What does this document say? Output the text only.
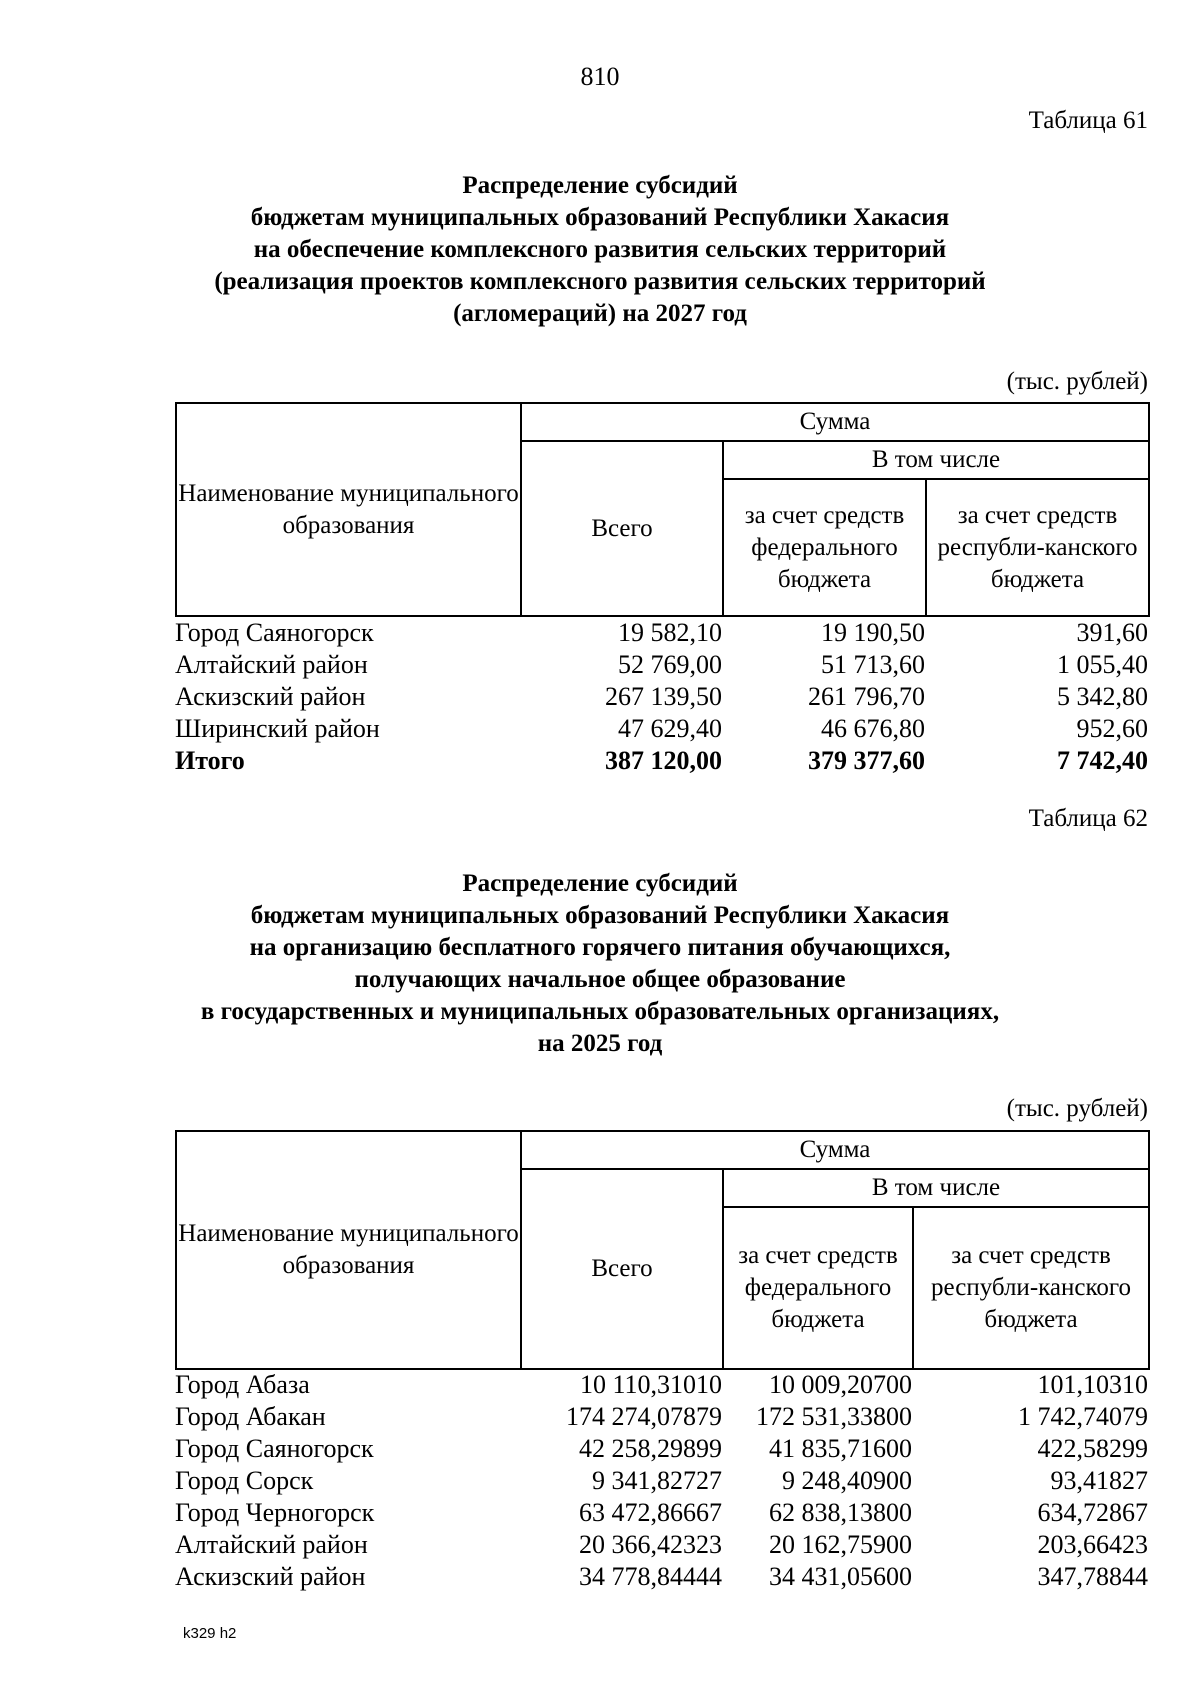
810
Таблица 61
Распределение субсидий
бюджетам муниципальных образований Республики Хакасия
на обеспечение комплексного развития сельских территорий
(реализация проектов комплексного развития сельских территорий
(агломераций) на 2027 год
(тыс. рублей)
Наименование муниципального образования	Сумма		
	Всего	В том числе	
		за счет средств федерального бюджета	за счет средств республи-канского бюджета
Город Саяногорск	19 582,10	19 190,50	391,60
Алтайский район	52 769,00	51 713,60	1 055,40
Аскизский район	267 139,50	261 796,70	5 342,80
Ширинский район	47 629,40	46 676,80	952,60
Итого	387 120,00	379 377,60	7 742,40
Таблица 62
Распределение субсидий
бюджетам муниципальных образований Республики Хакасия
на организацию бесплатного горячего питания обучающихся,
получающих начальное общее образование
в государственных и муниципальных образовательных организациях,
на 2025 год
(тыс. рублей)
Наименование муниципального образования	Сумма		
	Всего	В том числе	
		за счет средств федерального бюджета	за счет средств республи-канского бюджета
Город Абаза	10 110,31010	10 009,20700	101,10310
Город Абакан	174 274,07879	172 531,33800	1 742,74079
Город Саяногорск	42 258,29899	41 835,71600	422,58299
Город Сорск	9 341,82727	9 248,40900	93,41827
Город Черногорск	63 472,86667	62 838,13800	634,72867
Алтайский район	20 366,42323	20 162,75900	203,66423
Аскизский район	34 778,84444	34 431,05600	347,78844
k329 h2
